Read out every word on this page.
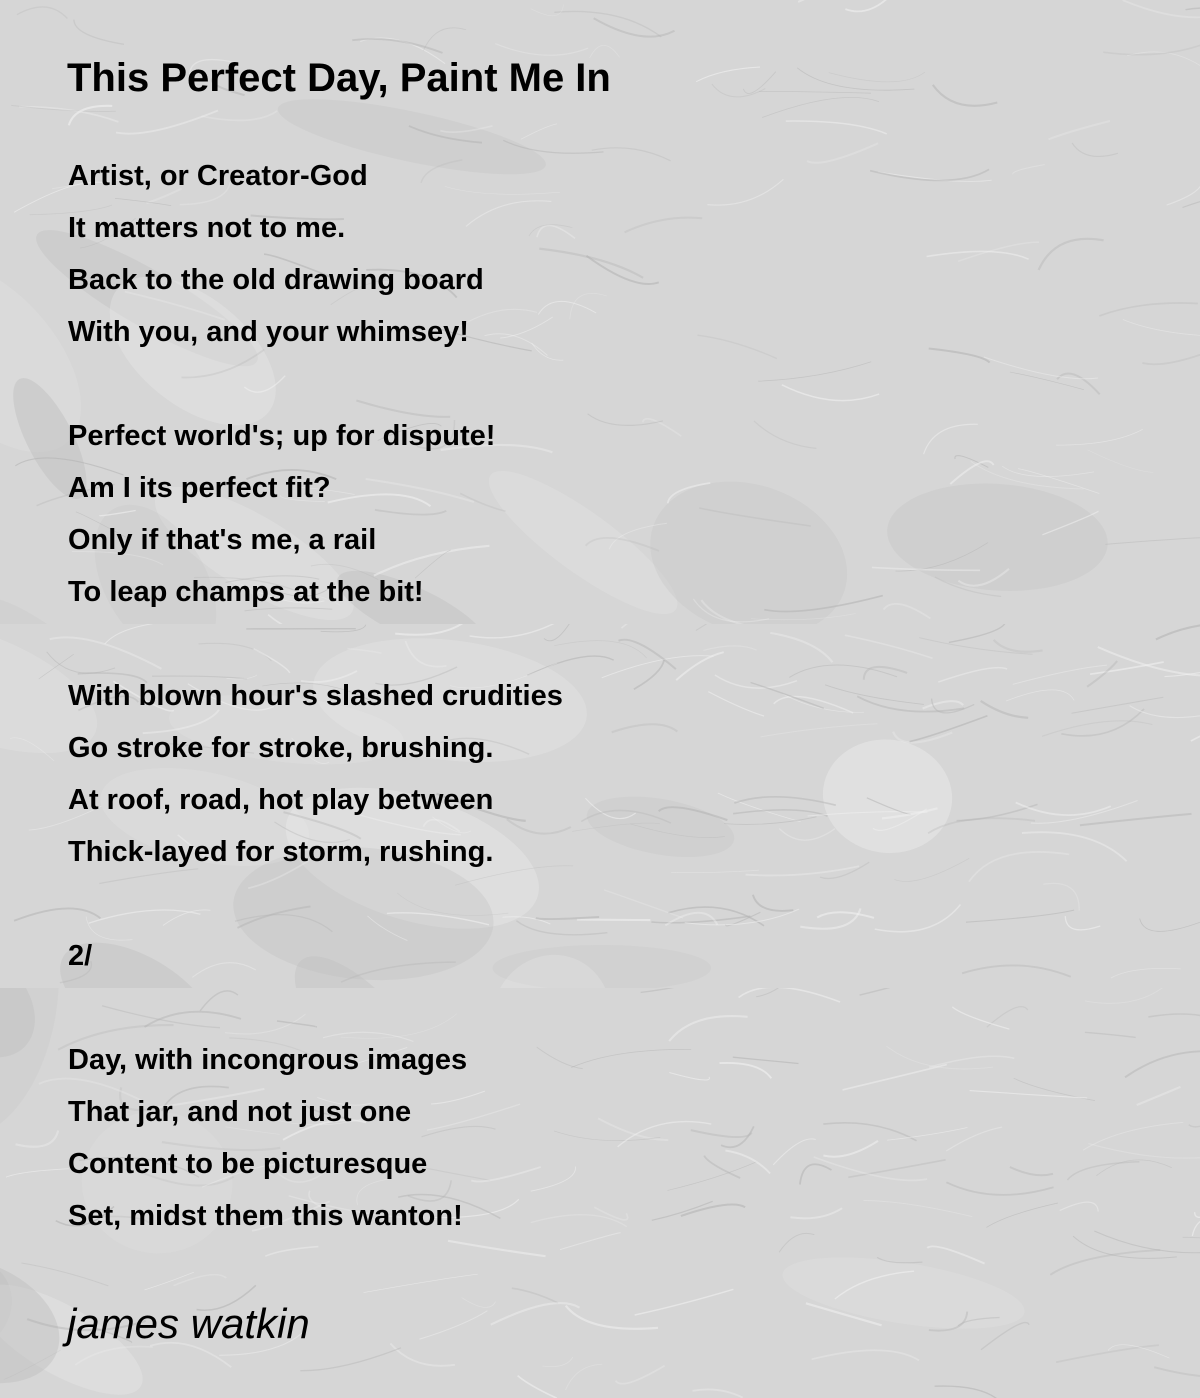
This Perfect Day, Paint Me In
Artist, or Creator-God
It matters not to me.
Back to the old drawing board
With you, and your whimsey!
Perfect world's; up for dispute!
Am I its perfect fit?
Only if that's me, a rail
To leap champs at the bit!
With blown hour's slashed crudities
Go stroke for stroke, brushing.
At roof, road, hot play between
Thick-layed for storm, rushing.
2/
Day, with incongrous images
That jar, and not just one
Content to be picturesque
Set, midst them this wanton!
james watkin
